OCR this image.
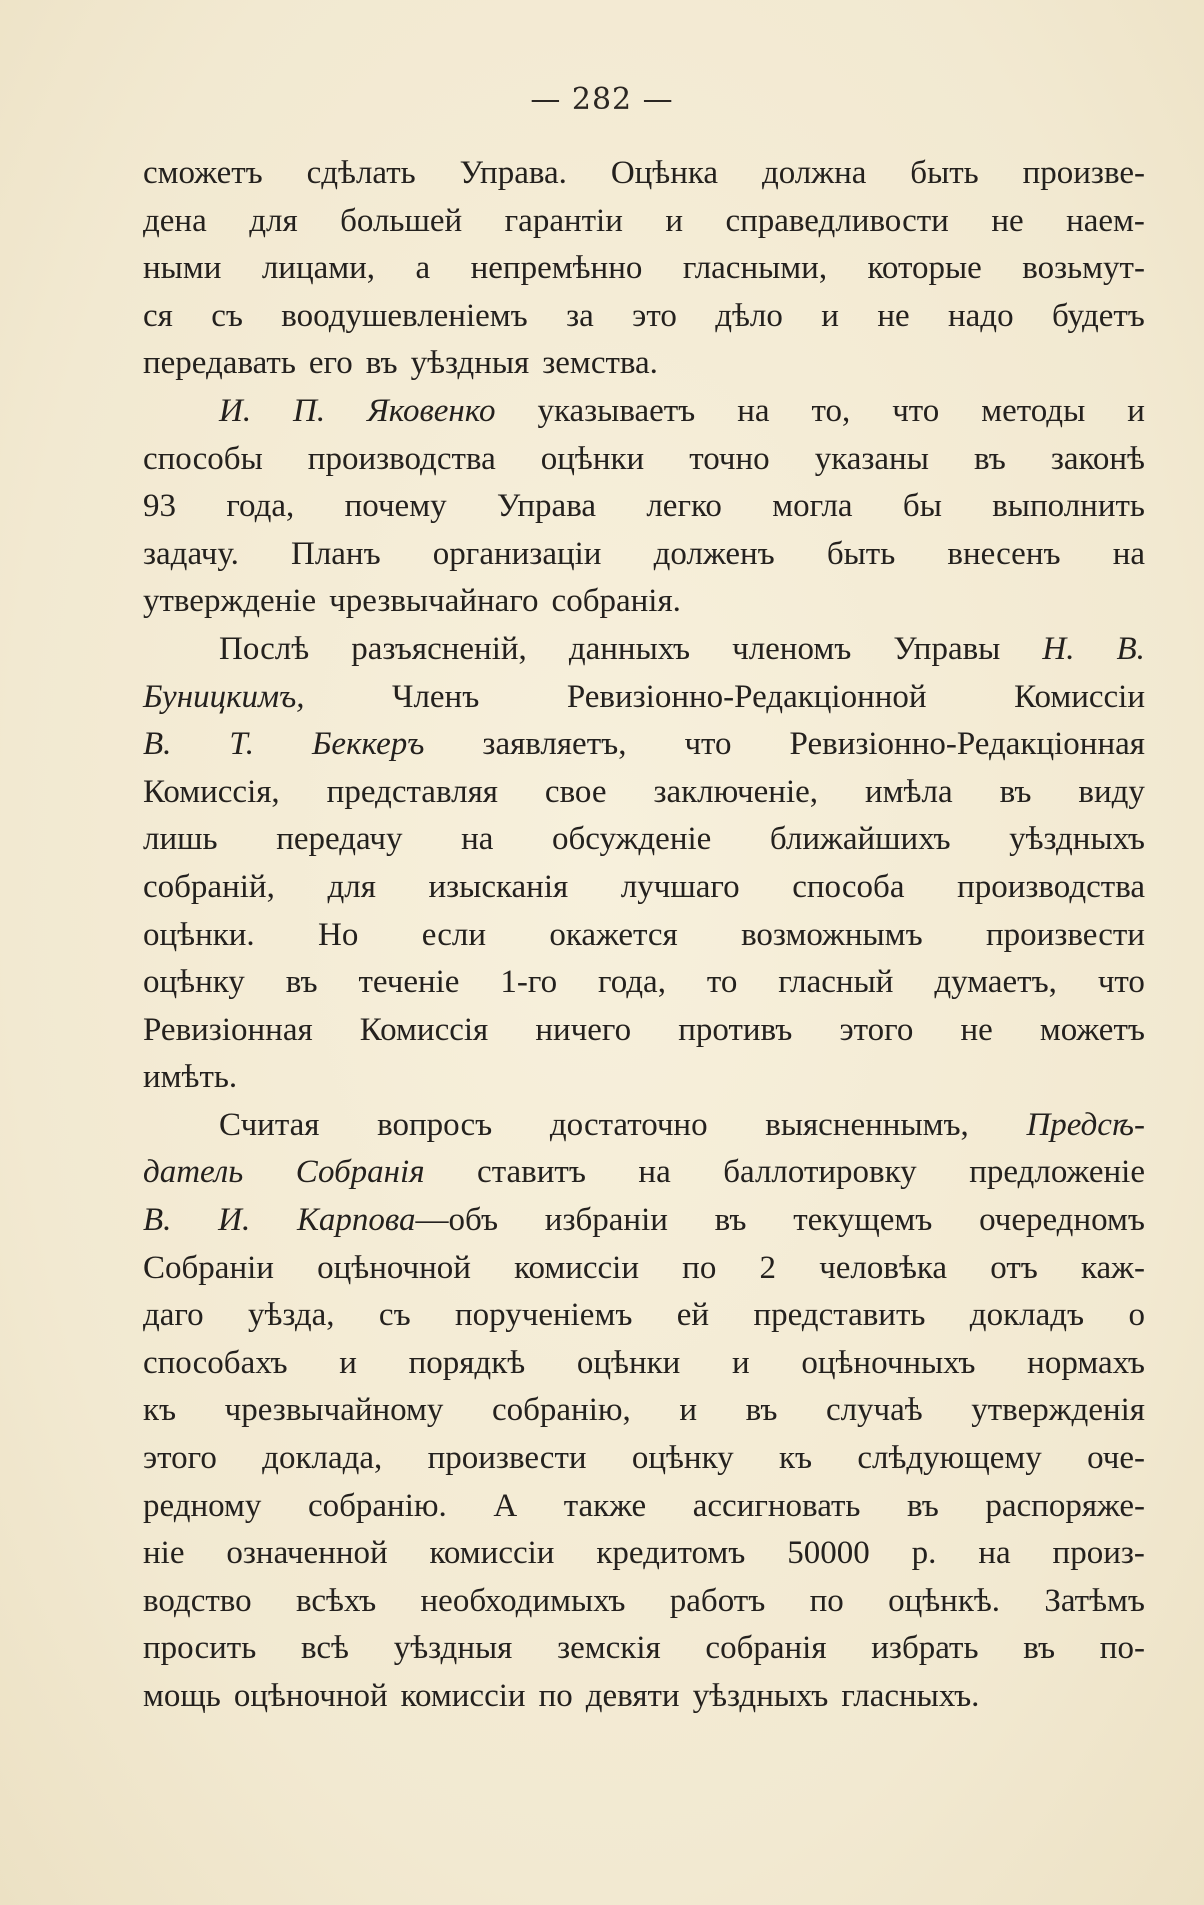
— 282 —
сможетъ сдѣлать Управа. Оцѣнка должна быть произве-
дена для большей гарантіи и справедливости не наем-
ными лицами, а непремѣнно гласными, которые возьмут-
ся съ воодушевленіемъ за это дѣло и не надо будетъ
передавать его въ уѣздныя земства.
И. П. Яковенко указываетъ на то, что методы и
способы производства оцѣнки точно указаны въ законѣ
93 года, почему Управа легко могла бы выполнить
задачу. Планъ организаціи долженъ быть внесенъ на
утвержденіе чрезвычайнаго собранія.
Послѣ разъясненій, данныхъ членомъ Управы Н. В.
Буницкимъ,	Членъ	Ревизіонно-Редакціонной	Комиссіи
В. Т. Беккеръ заявляетъ, что Ревизіонно-Редакціонная
Комиссія, представляя свое заключеніе, имѣла въ виду
лишь передачу на обсужденіе ближайшихъ уѣздныхъ
собраній, для изысканія лучшаго способа производства
оцѣнки. Но если окажется возможнымъ произвести
оцѣнку въ теченіе 1-го года, то гласный думаетъ, что
Ревизіонная Комиссія ничего противъ этого не можетъ
имѣть.
Считая вопросъ достаточно выясненнымъ, Предсѣ-
датель Собранія ставитъ на баллотировку предложеніе
В. И. Карпова—объ избраніи въ текущемъ очередномъ
Собраніи оцѣночной комиссіи по 2 человѣка отъ каж-
даго уѣзда, съ порученіемъ ей представить докладъ о
способахъ и порядкѣ оцѣнки и оцѣночныхъ нормахъ
къ чрезвычайному собранію, и въ случаѣ утвержденія
этого доклада, произвести оцѣнку къ слѣдующему оче-
редному собранію. А также ассигновать въ распоряже-
ніе означенной комиссіи кредитомъ 50000 р. на произ-
водство всѣхъ необходимыхъ работъ по оцѣнкѣ. Затѣмъ
просить всѣ уѣздныя земскія собранія избрать въ по-
мощь оцѣночной комиссіи по девяти уѣздныхъ гласныхъ.
